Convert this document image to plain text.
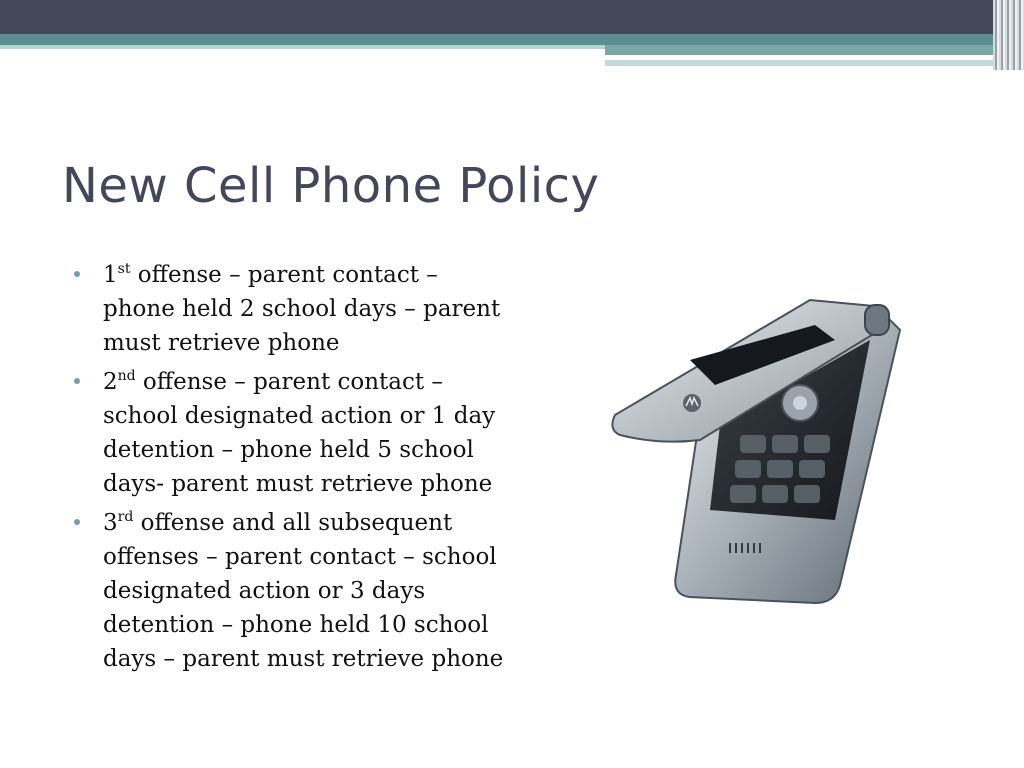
New Cell Phone Policy
1st offense – parent contact – phone held 2 school days – parent must retrieve phone
2nd offense – parent contact – school designated action or 1 day detention – phone held 5 school days- parent must retrieve phone
3rd offense and all subsequent offenses – parent contact – school designated action or 3 days detention – phone held 10 school days – parent must retrieve phone
